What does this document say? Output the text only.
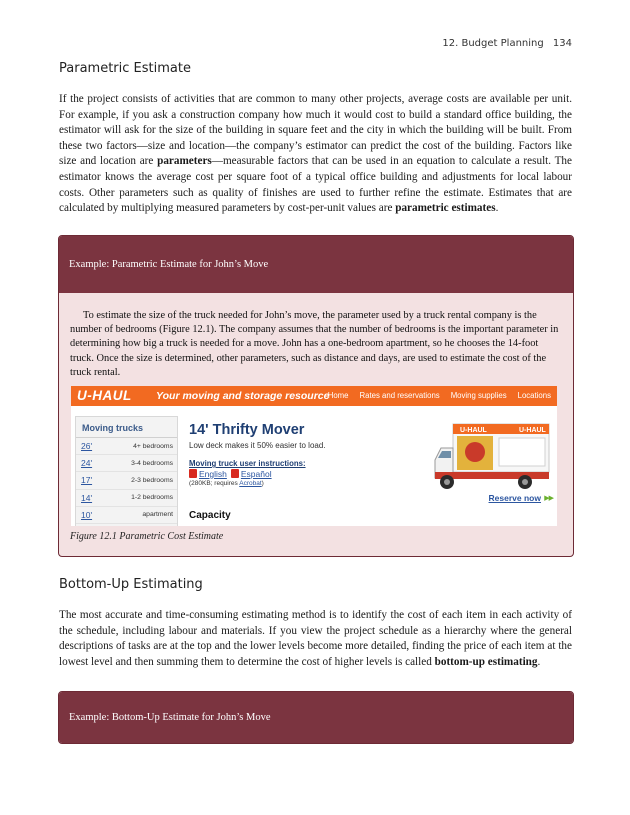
12. Budget Planning 134
Parametric Estimate

If the project consists of activities that are common to many other projects, average costs are available per unit. For example, if you ask a construction company how much it would cost to build a standard office building, the estimator will ask for the size of the building in square feet and the city in which the building will be built. From these two factors—size and location—the company’s estimator can predict the cost of the building. Factors like size and location are parameters—measurable factors that can be used in an equation to calculate a result. The estimator knows the average cost per square foot of a typical office building and adjustments for local labour costs. Other parameters such as quality of finishes are used to further refine the estimate. Estimates that are calculated by multiplying measured parameters by cost-per-unit values are parametric estimates.

Example: Parametric Estimate for John’s Move

To estimate the size of the truck needed for John’s move, the parameter used by a truck rental company is the number of bedrooms (Figure 12.1). The company assumes that the number of bedrooms is the important parameter in determining how big a truck is needed for a move. John has a one-bedroom apartment, so he chooses the 14-foot truck. Once the size is determined, other parameters, such as distance and days, are used to estimate the cost of the truck rental.

U-HAUL Your moving and storage resource
Home Rates and reservations Moving supplies Locations
Moving trucks
26'	4+ bedrooms
24'	3-4 bedrooms
17'	2-3 bedrooms
14'	1-2 bedrooms
10'	apartment
14' Thrifty Mover
Low deck makes it 50% easier to load.
Moving truck user instructions:
English	Español
(280KB; requires Acrobat)
Capacity
U-HAUL	U-HAUL
Reserve now ▶▶
Figure 12.1 Parametric Cost Estimate
Bottom-Up Estimating

The most accurate and time-consuming estimating method is to identify the cost of each item in each activity of the schedule, including labour and materials. If you view the project schedule as a hierarchy where the general descriptions of tasks are at the top and the lower levels become more detailed, finding the price of each item at the lowest level and then summing them to determine the cost of higher levels is called bottom-up estimating.

Example: Bottom-Up Estimate for John’s Move
